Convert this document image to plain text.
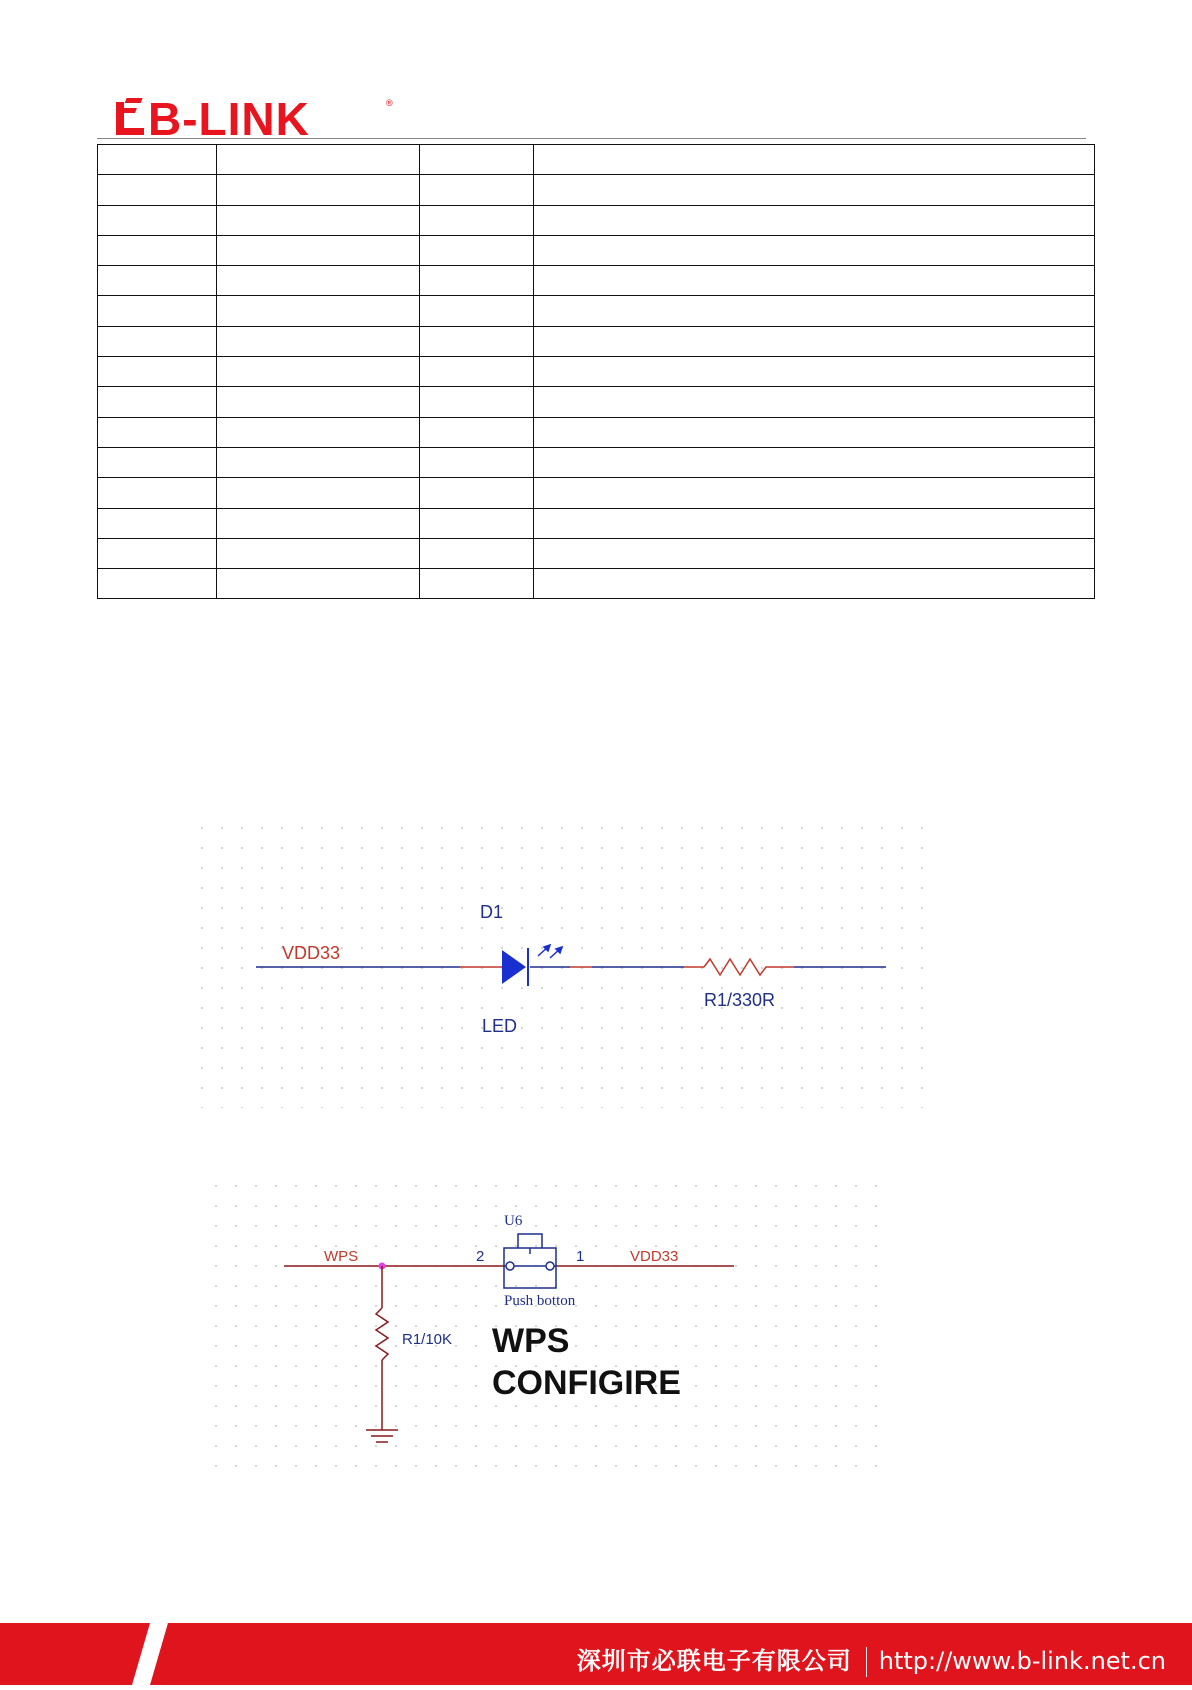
B-LINK	®

VDD33
D1
LED
R1/330R
WPS	2	1	VDD33
U6
Push botton
R1/10K WPS
CONFIGIRE
深圳市必联电子有限公司 http://www.b-link.net.cn
